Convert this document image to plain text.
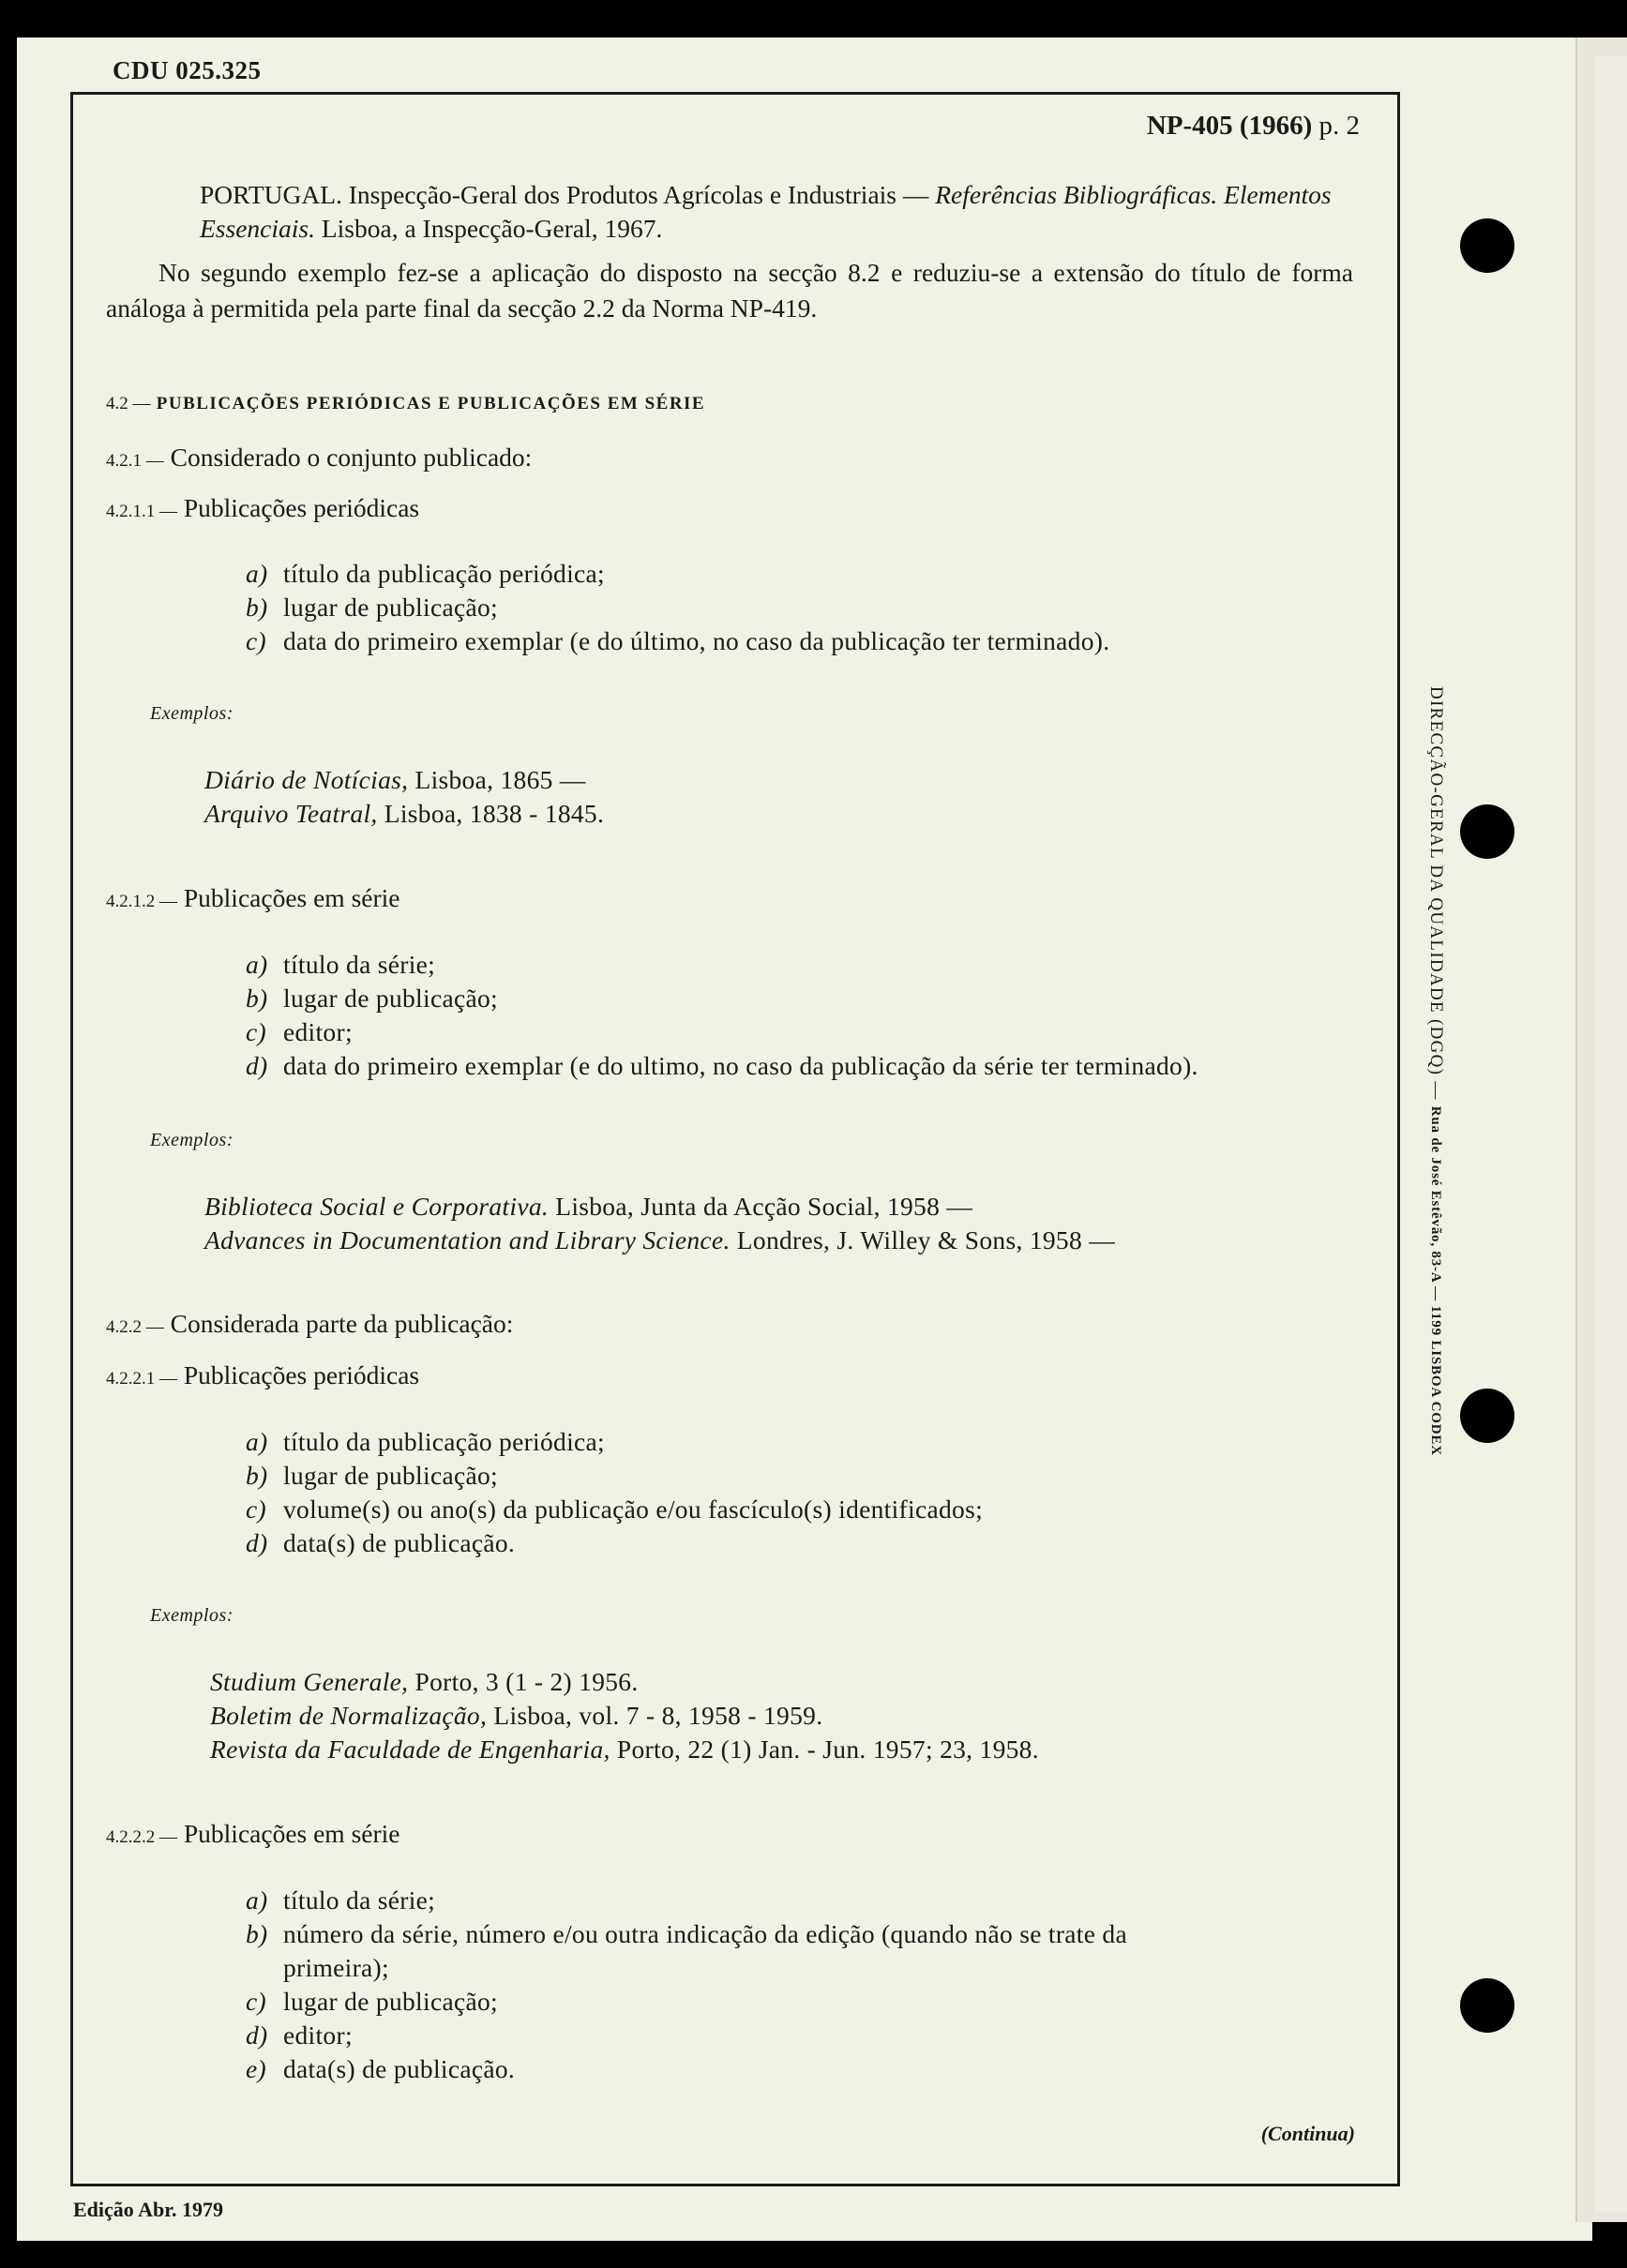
CDU 025.325
NP-405 (1966) p. 2
PORTUGAL. Inspecção-Geral dos Produtos Agrícolas e Industriais — Referências Bibliográficas. Elementos Essenciais. Lisboa, a Inspecção-Geral, 1967.
No segundo exemplo fez-se a aplicação do disposto na secção 8.2 e reduziu-se a extensão do título de forma análoga à permitida pela parte final da secção 2.2 da Norma NP-419.
4.2 — PUBLICAÇÕES PERIÓDICAS E PUBLICAÇÕES EM SÉRIE
4.2.1 — Considerado o conjunto publicado:
4.2.1.1 — Publicações periódicas
a) título da publicação periódica;
b) lugar de publicação;
c) data do primeiro exemplar (e do último, no caso da publicação ter terminado).
Exemplos:
Diário de Notícias, Lisboa, 1865 —
Arquivo Teatral, Lisboa, 1838 - 1845.
4.2.1.2 — Publicações em série
a) título da série;
b) lugar de publicação;
c) editor;
d) data do primeiro exemplar (e do ultimo, no caso da publicação da série ter terminado).
Exemplos:
Biblioteca Social e Corporativa. Lisboa, Junta da Acção Social, 1958 —
Advances in Documentation and Library Science. Londres, J. Willey & Sons, 1958 —
4.2.2 — Considerada parte da publicação:
4.2.2.1 — Publicações periódicas
a) título da publicação periódica;
b) lugar de publicação;
c) volume(s) ou ano(s) da publicação e/ou fascículo(s) identificados;
d) data(s) de publicação.
Exemplos:
Studium Generale, Porto, 3 (1 - 2) 1956.
Boletim de Normalização, Lisboa, vol. 7 - 8, 1958 - 1959.
Revista da Faculdade de Engenharia, Porto, 22 (1) Jan. - Jun. 1957; 23, 1958.
4.2.2.2 — Publicações em série
a) título da série;
b) número da série, número e/ou outra indicação da edição (quando não se trate da
primeira);
c) lugar de publicação;
d) editor;
e) data(s) de publicação.
(Continua)
Edição Abr. 1979
DIRECÇÃO-GERAL DA QUALIDADE (DGQ) — Rua de José Estêvão, 83-A — 1199 LISBOA CODEX
